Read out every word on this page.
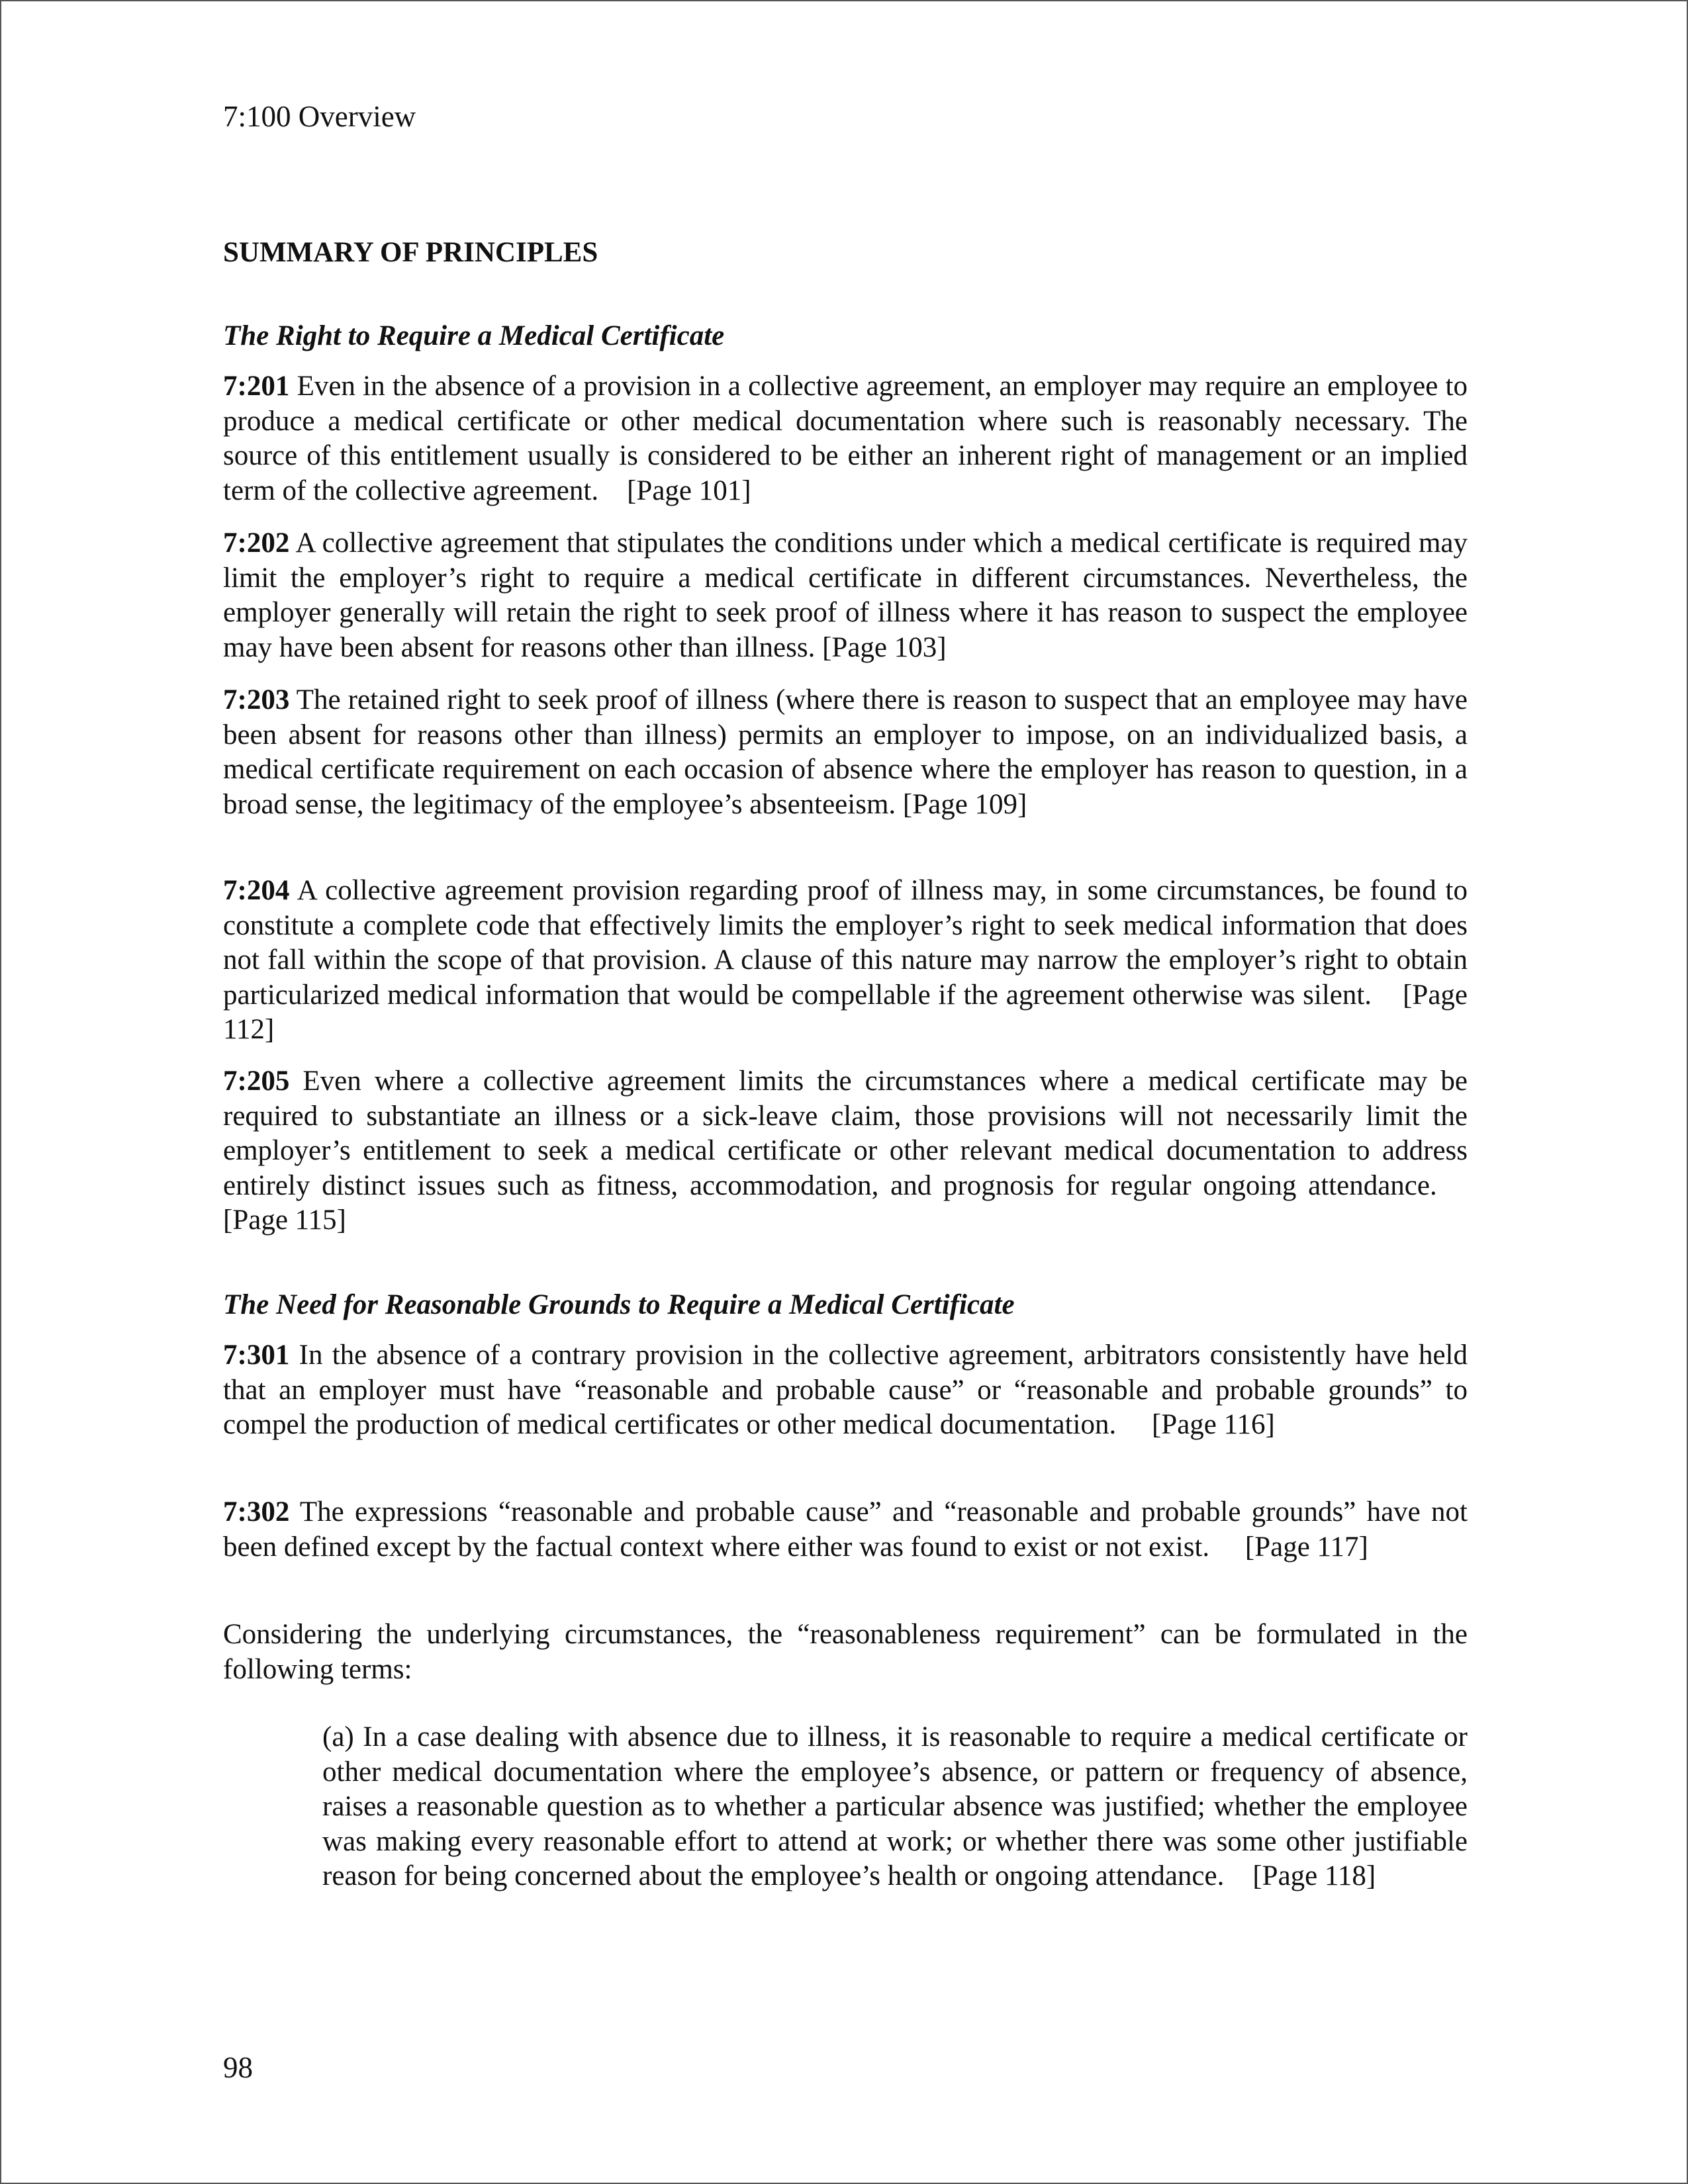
7:100 Overview

SUMMARY OF PRINCIPLES

The Right to Require a Medical Certificate

7:201 Even in the absence of a provision in a collective agreement, an employer may require an employee to produce a medical certificate or other medical documentation where such is reasonably necessary. The source of this entitlement usually is considered to be either an inherent right of management or an implied term of the collective agreement.    [Page 101]

7:202 A collective agreement that stipulates the conditions under which a medical certificate is required may limit the employer’s right to require a medical certificate in different circumstances. Nevertheless, the employer generally will retain the right to seek proof of illness where it has reason to suspect the employee may have been absent for reasons other than illness. [Page 103]

7:203 The retained right to seek proof of illness (where there is reason to suspect that an employee may have been absent for reasons other than illness) permits an employer to impose, on an individualized basis, a medical certificate requirement on each occasion of absence where the employer has reason to question, in a broad sense, the legitimacy of the employee’s absenteeism. [Page 109]

7:204 A collective agreement provision regarding proof of illness may, in some circumstances, be found to constitute a complete code that effectively limits the employer’s right to seek medical information that does not fall within the scope of that provision. A clause of this nature may narrow the employer’s right to obtain particularized medical information that would be compellable if the agreement otherwise was silent.    [Page 112]

7:205 Even where a collective agreement limits the circumstances where a medical certificate may be required to substantiate an illness or a sick-leave claim, those provisions will not necessarily limit the employer’s entitlement to seek a medical certificate or other relevant medical documentation to address entirely distinct issues such as fitness, accommodation, and prognosis for regular ongoing attendance.    [Page 115]

The Need for Reasonable Grounds to Require a Medical Certificate

7:301 In the absence of a contrary provision in the collective agreement, arbitrators consistently have held that an employer must have “reasonable and probable cause” or “reasonable and probable grounds” to compel the production of medical certificates or other medical documentation.     [Page 116]

7:302 The expressions “reasonable and probable cause” and “reasonable and probable grounds” have not been defined except by the factual context where either was found to exist or not exist.     [Page 117]

Considering the underlying circumstances, the “reasonableness requirement” can be formulated in the following terms:

(a) In a case dealing with absence due to illness, it is reasonable to require a medical certificate or other medical documentation where the employee’s absence, or pattern or frequency of absence, raises a reasonable question as to whether a particular absence was justified; whether the employee was making every reasonable effort to attend at work; or whether there was some other justifiable reason for being concerned about the employee’s health or ongoing attendance.    [Page 118]

98
